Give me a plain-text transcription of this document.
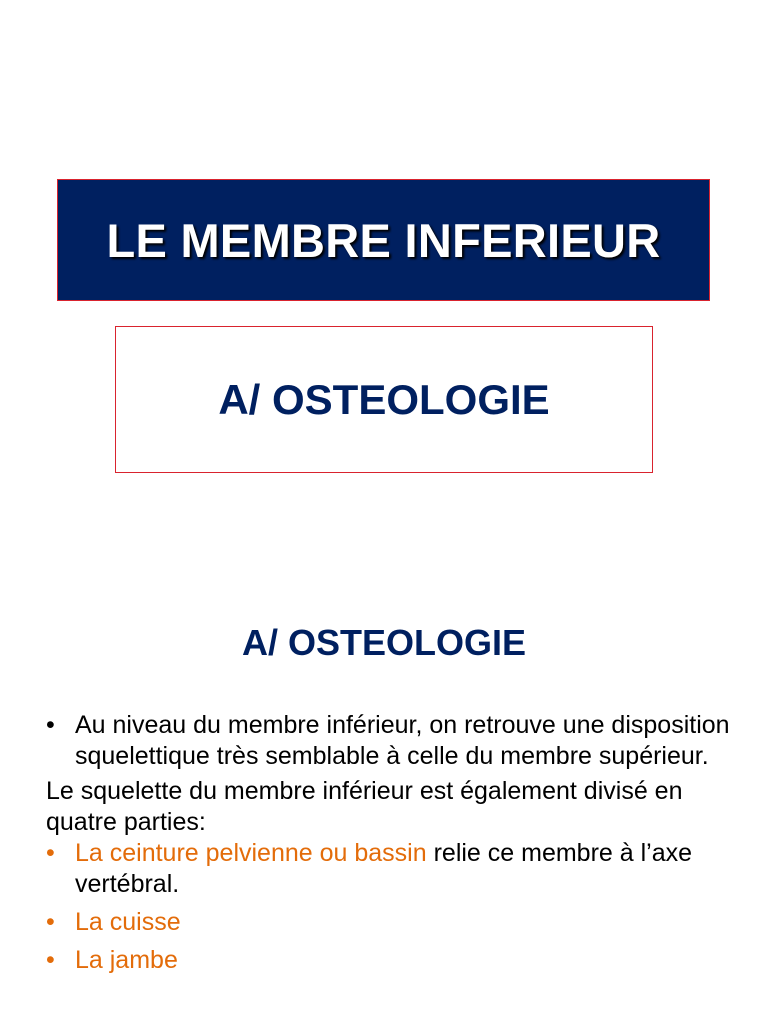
LE MEMBRE INFERIEUR
A/ OSTEOLOGIE
A/ OSTEOLOGIE
• Au niveau du membre inférieur, on retrouve une disposition squelettique très semblable à celle du membre supérieur.
Le squelette du membre inférieur est également divisé en quatre parties:
• La ceinture pelvienne ou bassin relie ce membre à l’axe vertébral.
• La cuisse
• La jambe
